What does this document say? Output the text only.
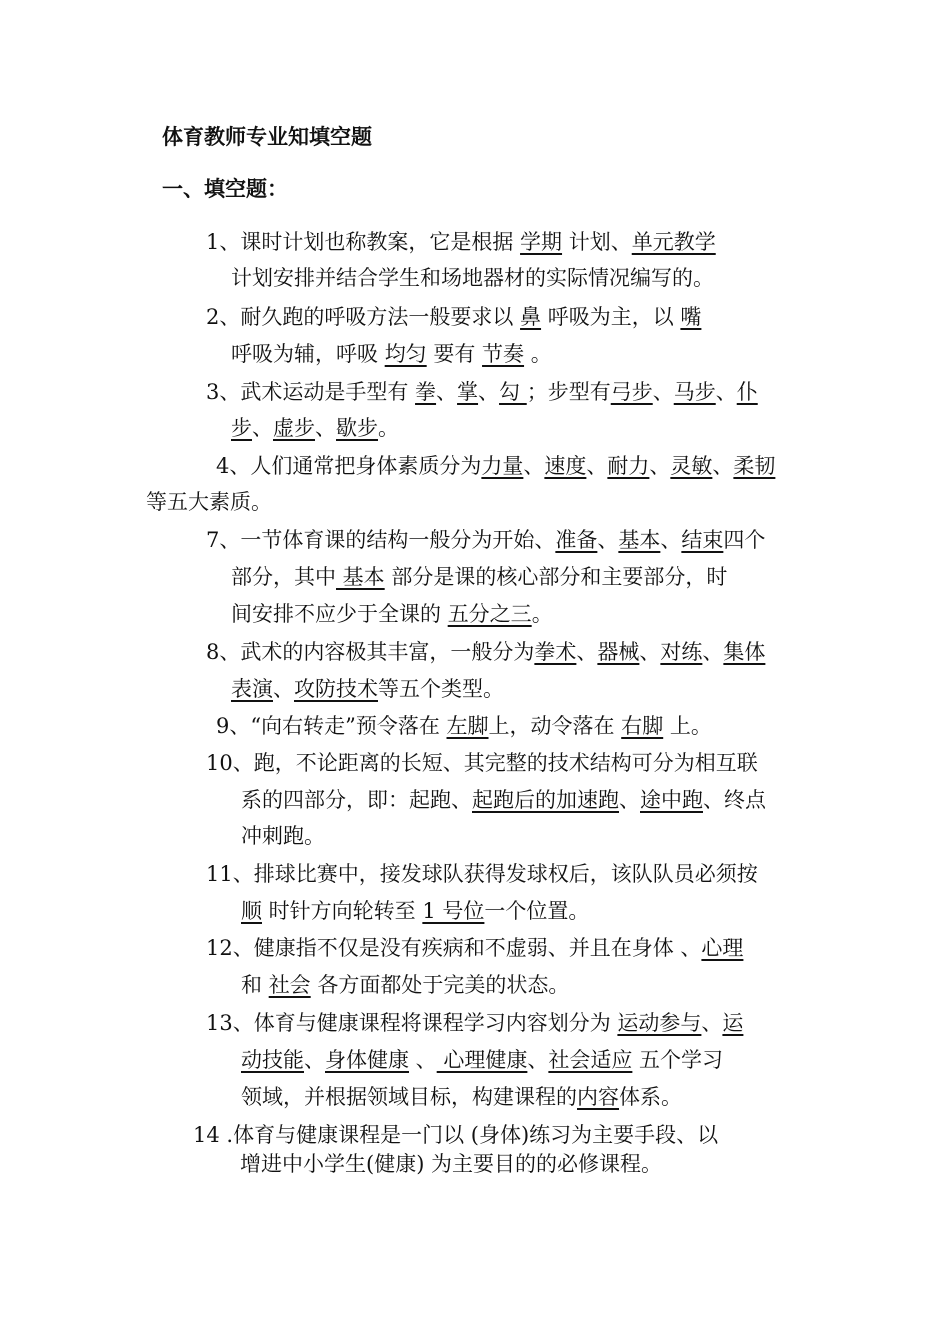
体育教师专业知填空题
一、填空题：
1、课时计划也称教案，它是根据 学期 计划、单元教学
计划安排并结合学生和场地器材的实际情况编写的。
2、耐久跑的呼吸方法一般要求以 鼻 呼吸为主，以 嘴
呼吸为辅，呼吸 均匀 要有 节奏 。
3、武术运动是手型有 拳、掌、勾 ；步型有弓步、马步、仆
步、虚步、歇步。
4、人们通常把身体素质分为力量、速度、耐力、灵敏、柔韧
等五大素质。
7、一节体育课的结构一般分为开始、准备、基本、结束四个
部分，其中 基本 部分是课的核心部分和主要部分，时
间安排不应少于全课的 五分之三。
8、武术的内容极其丰富，一般分为拳术、器械、对练、集体
表演、攻防技术等五个类型。
9、“向右转走”预令落在 左脚上，动令落在 右脚 上。
10、跑，不论距离的长短、其完整的技术结构可分为相互联
系的四部分，即：起跑、起跑后的加速跑、途中跑、终点
冲刺跑。
11、排球比赛中，接发球队获得发球权后，该队队员必须按
顺 时针方向轮转至 1 号位一个位置。
12、健康指不仅是没有疾病和不虚弱、并且在身体 、心理
和 社会 各方面都处于完美的状态。
13、体育与健康课程将课程学习内容划分为 运动参与、运
动技能、身体健康 、 心理健康、社会适应 五个学习
领域，并根据领域目标，构建课程的内容体系。
14 .体育与健康课程是一门以 (身体)练习为主要手段、以
增进中小学生(健康) 为主要目的的必修课程。
